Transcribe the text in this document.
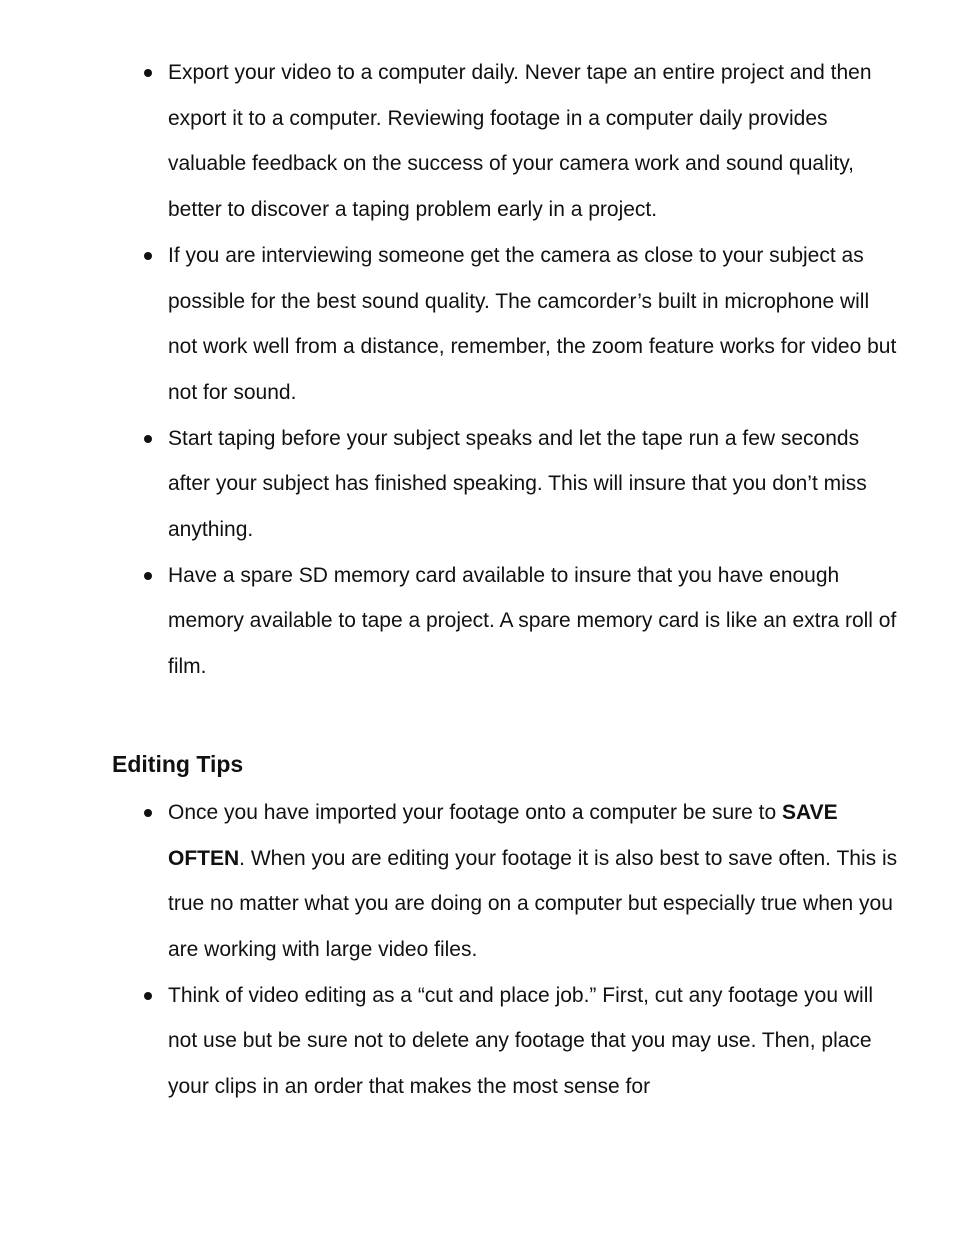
Export your video to a computer daily. Never tape an entire project and then export it to a computer. Reviewing footage in a computer daily provides valuable feedback on the success of your camera work and sound quality, better to discover a taping problem early in a project.
If you are interviewing someone get the camera as close to your subject as possible for the best sound quality. The camcorder’s built in microphone will not work well from a distance, remember, the zoom feature works for video but not for sound.
Start taping before your subject speaks and let the tape run a few seconds after your subject has finished speaking. This will insure that you don’t miss anything.
Have a spare SD memory card available to insure that you have enough memory available to tape a project. A spare memory card is like an extra roll of film.
Editing Tips
Once you have imported your footage onto a computer be sure to SAVE OFTEN. When you are editing your footage it is also best to save often. This is true no matter what you are doing on a computer but especially true when you are working with large video files.
Think of video editing as a “cut and place job.” First, cut any footage you will not use but be sure not to delete any footage that you may use. Then, place your clips in an order that makes the most sense for
